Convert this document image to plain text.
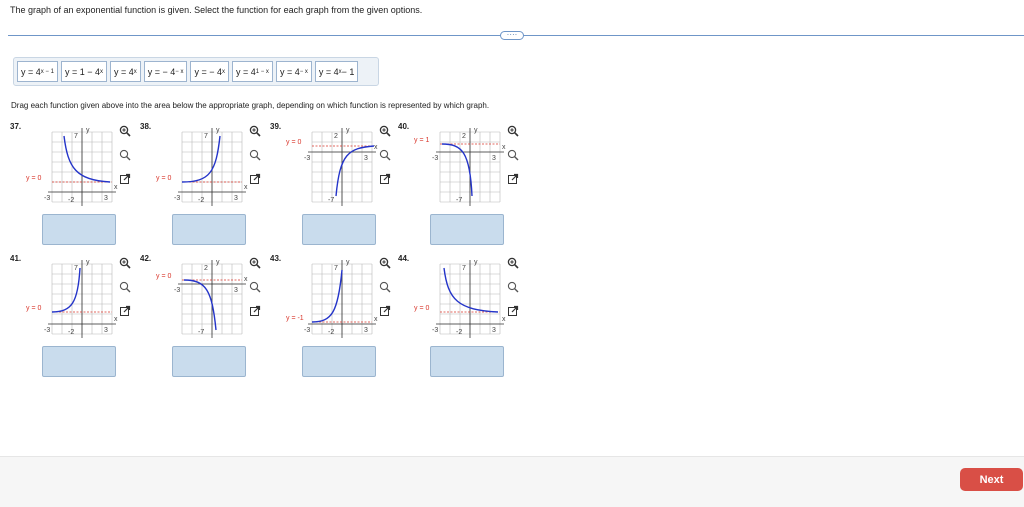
The graph of an exponential function is given. Select the function for each graph from the given options.
····
y = 4 x − 1 y = 1 − 4 x y = 4 x y = − 4 − x y = − 4 x y = 4 1 − x y = 4 − x y = 4 x − 1
Drag each function given above into the area below the appropriate graph, depending on which function is represented by which graph.
37.
x
y
-3	3
7
-2
y = 0
38.
x
y
-3	3
7
-2
y = 0
39.
x
y
-3	3
2
-7
y = 0
40.
x
y
-3	3
2
-7
y = 1
41.
x
y
-3	3
7
-2
y = 0
42.
x
y
-3	3
2
-7
y = 0
43.
x
y
-3	3
7
-2
y = -1
44.
x
y
-3	3
7
-2
y = 0
Next
